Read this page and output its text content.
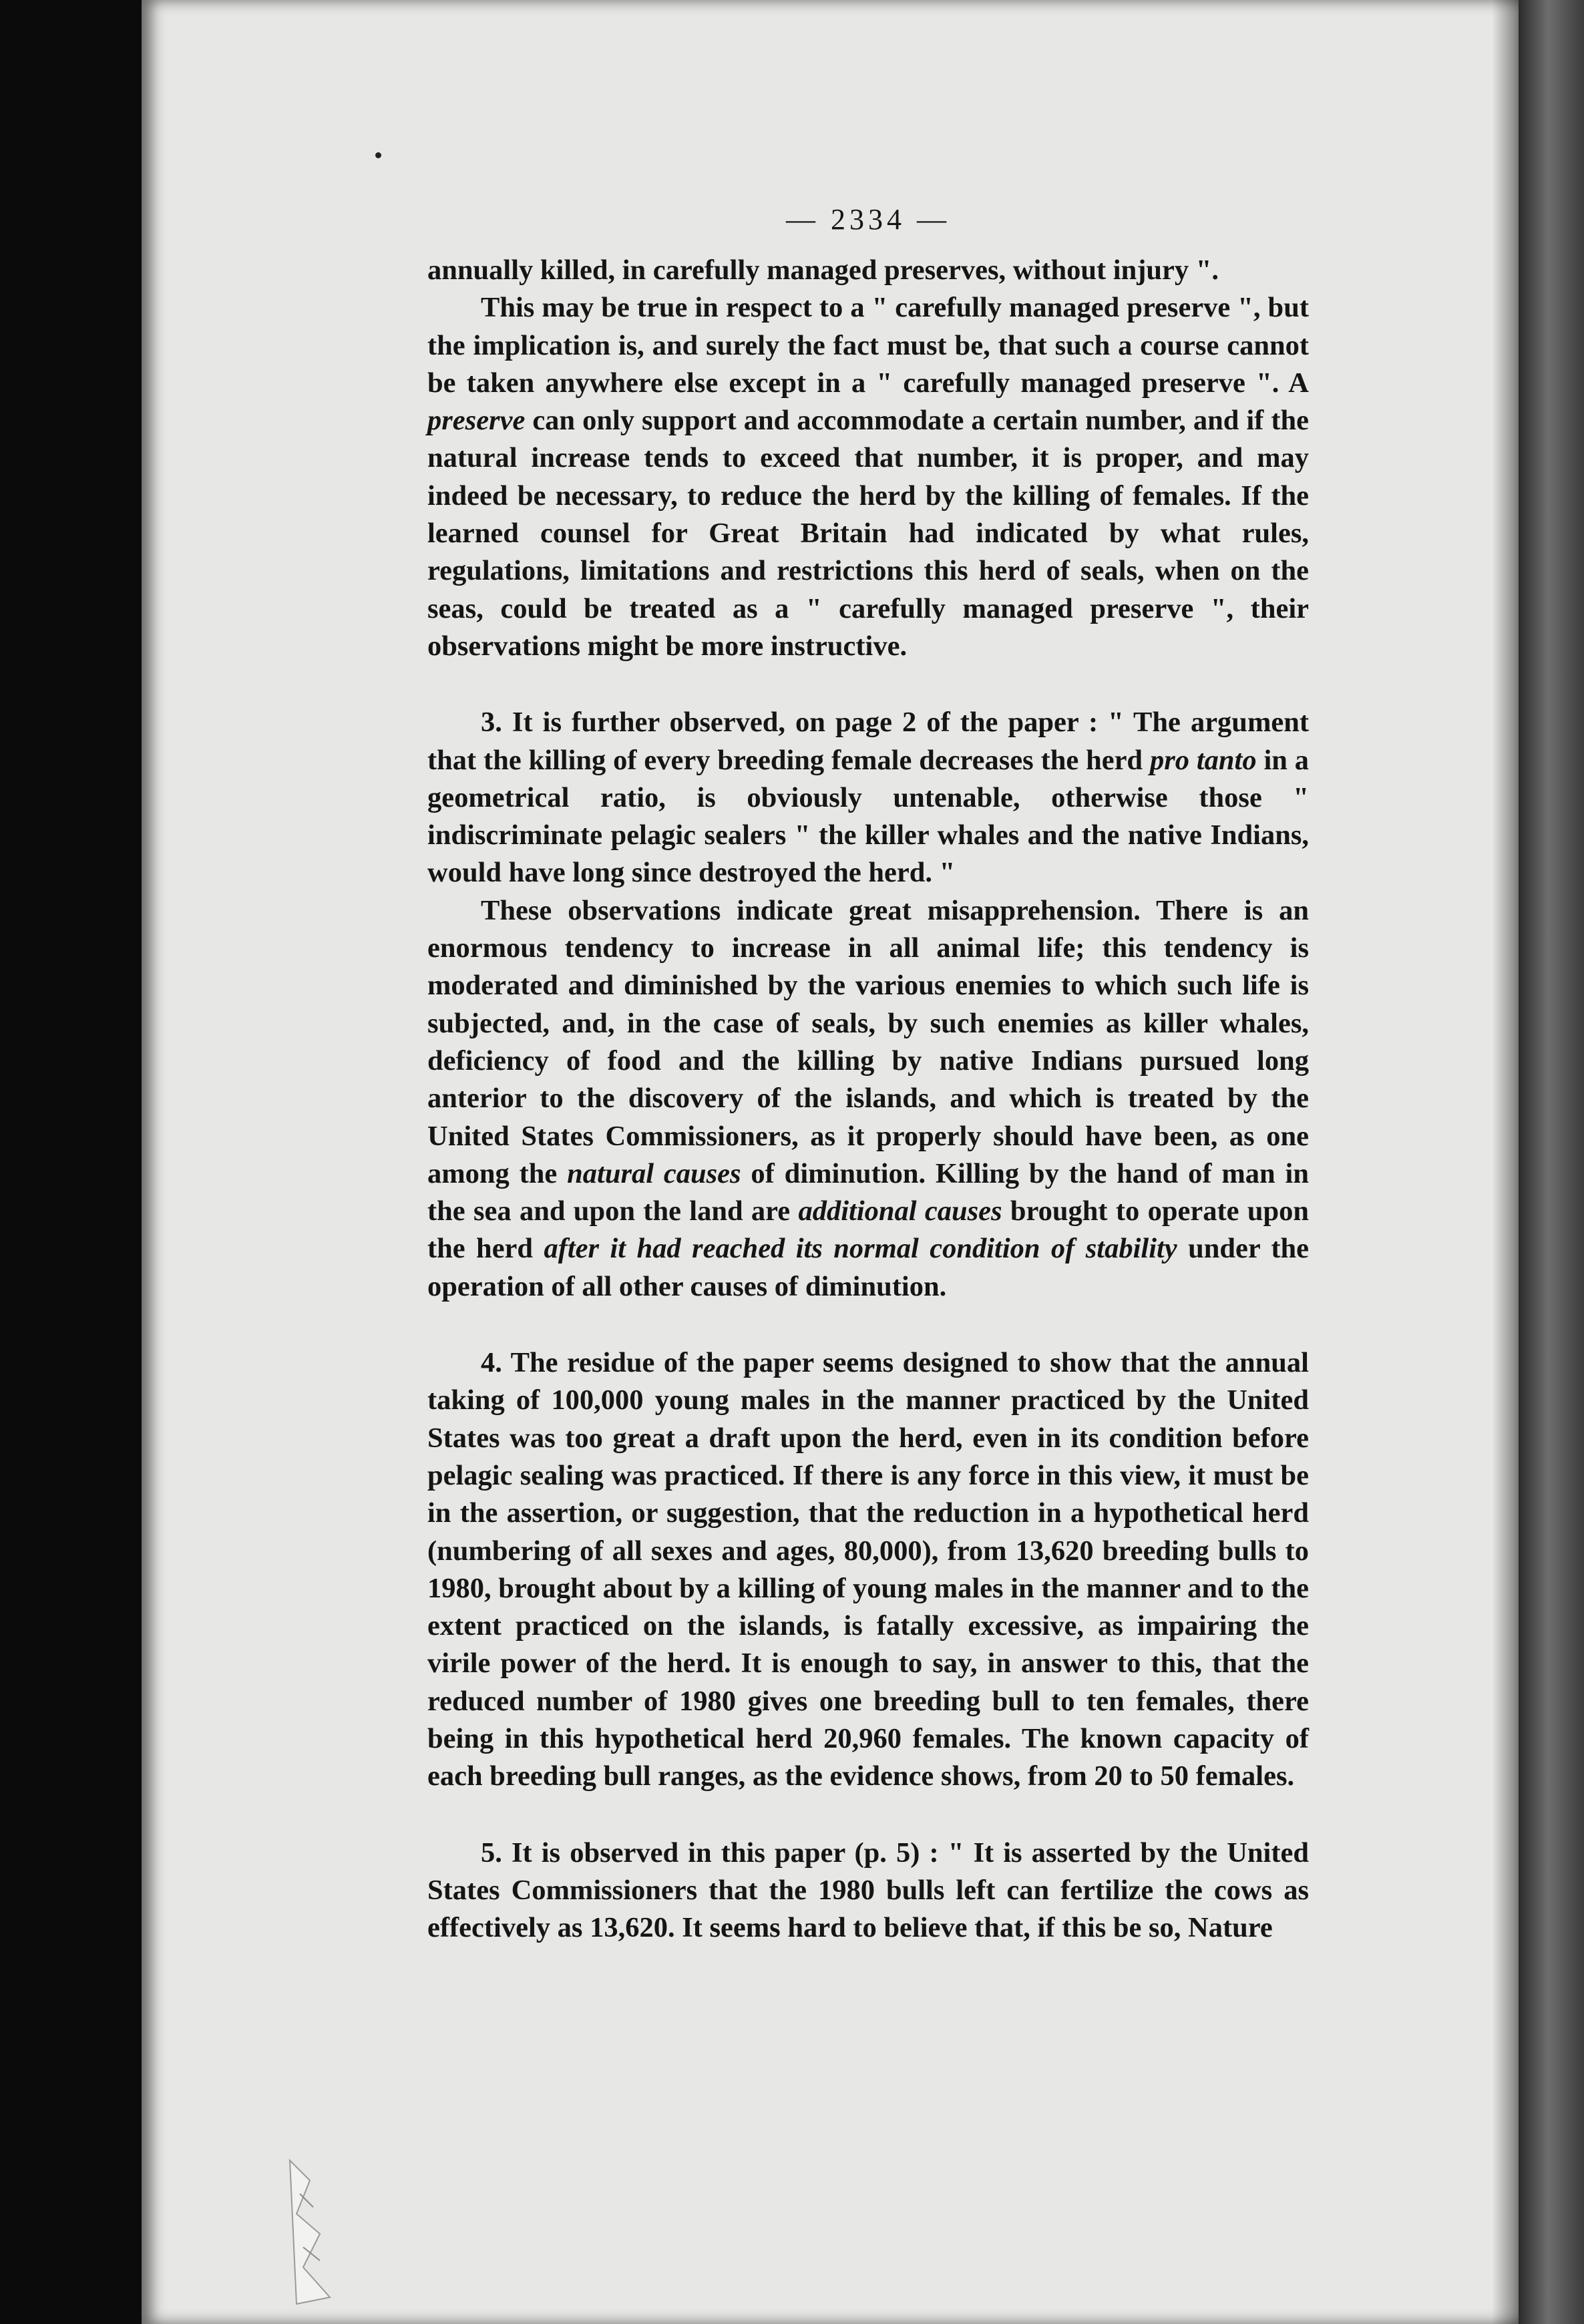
— 2334 —

annually killed, in carefully managed preserves, without injury ".

This may be true in respect to a " carefully managed preserve ", but the implication is, and surely the fact must be, that such a course cannot be taken anywhere else except in a " carefully managed preserve ". A preserve can only support and accommodate a certain number, and if the natural increase tends to exceed that number, it is proper, and may indeed be necessary, to reduce the herd by the killing of females. If the learned counsel for Great Britain had indicated by what rules, regulations, limitations and restrictions this herd of seals, when on the seas, could be treated as a " carefully managed preserve ", their observations might be more instructive.

3. It is further observed, on page 2 of the paper : " The argument that the killing of every breeding female decreases the herd pro tanto in a geometrical ratio, is obviously untenable, otherwise those " indiscriminate pelagic sealers " the killer whales and the native Indians, would have long since destroyed the herd. "

These observations indicate great misapprehension. There is an enormous tendency to increase in all animal life; this tendency is moderated and diminished by the various enemies to which such life is subjected, and, in the case of seals, by such enemies as killer whales, deficiency of food and the killing by native Indians pursued long anterior to the discovery of the islands, and which is treated by the United States Commissioners, as it properly should have been, as one among the natural causes of diminution. Killing by the hand of man in the sea and upon the land are additional causes brought to operate upon the herd after it had reached its normal condition of stability under the operation of all other causes of diminution.

4. The residue of the paper seems designed to show that the annual taking of 100,000 young males in the manner practiced by the United States was too great a draft upon the herd, even in its condition before pelagic sealing was practiced. If there is any force in this view, it must be in the assertion, or suggestion, that the reduction in a hypothetical herd (numbering of all sexes and ages, 80,000), from 13,620 breeding bulls to 1980, brought about by a killing of young males in the manner and to the extent practiced on the islands, is fatally excessive, as impairing the virile power of the herd. It is enough to say, in answer to this, that the reduced number of 1980 gives one breeding bull to ten females, there being in this hypothetical herd 20,960 females. The known capacity of each breeding bull ranges, as the evidence shows, from 20 to 50 females.

5. It is observed in this paper (p. 5) : " It is asserted by the United States Commissioners that the 1980 bulls left can fertilize the cows as effectively as 13,620. It seems hard to believe that, if this be so, Nature
